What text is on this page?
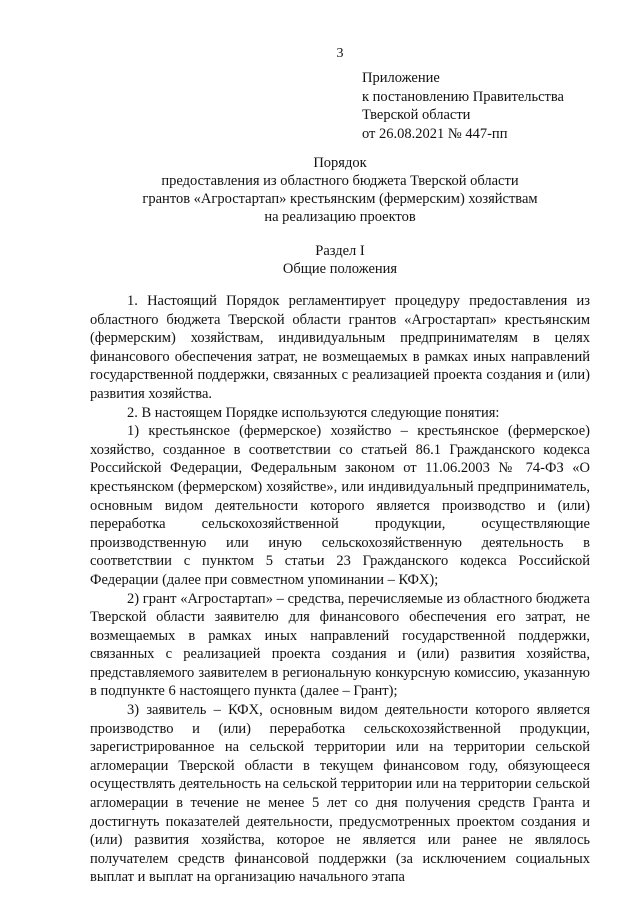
3
Приложение
к постановлению Правительства
Тверской области
от 26.08.2021 № 447-пп
Порядок
предоставления из областного бюджета Тверской области
грантов «Агростартап» крестьянским (фермерским) хозяйствам
на реализацию проектов
Раздел I
Общие положения

1. Настоящий Порядок регламентирует процедуру предоставления из областного бюджета Тверской области грантов «Агростартап» крестьянским (фермерским) хозяйствам, индивидуальным предпринимателям в целях финансового обеспечения затрат, не возмещаемых в рамках иных направлений государственной поддержки, связанных с реализацией проекта создания и (или) развития хозяйства.

2. В настоящем Порядке используются следующие понятия:

1) крестьянское (фермерское) хозяйство – крестьянское (фермерское) хозяйство, созданное в соответствии со статьей 86.1 Гражданского кодекса Российской Федерации, Федеральным законом от 11.06.2003 № 74-ФЗ «О крестьянском (фермерском) хозяйстве», или индивидуальный предприниматель, основным видом деятельности которого является производство и (или) переработка сельскохозяйственной продукции, осуществляющие производственную или иную сельскохозяйственную деятельность в соответствии с пунктом 5 статьи 23 Гражданского кодекса Российской Федерации (далее при совместном упоминании – КФХ);

2) грант «Агростартап» – средства, перечисляемые из областного бюджета Тверской области заявителю для финансового обеспечения его затрат, не возмещаемых в рамках иных направлений государственной поддержки, связанных с реализацией проекта создания и (или) развития хозяйства, представляемого заявителем в региональную конкурсную комиссию, указанную в подпункте 6 настоящего пункта (далее – Грант);

3) заявитель – КФХ, основным видом деятельности которого является производство и (или) переработка сельскохозяйственной продукции, зарегистрированное на сельской территории или на территории сельской агломерации Тверской области в текущем финансовом году, обязующееся осуществлять деятельность на сельской территории или на территории сельской агломерации в течение не менее 5 лет со дня получения средств Гранта и достигнуть показателей деятельности, предусмотренных проектом создания и (или) развития хозяйства, которое не является или ранее не являлось получателем средств финансовой поддержки (за исключением социальных выплат и выплат на организацию начального этапа
